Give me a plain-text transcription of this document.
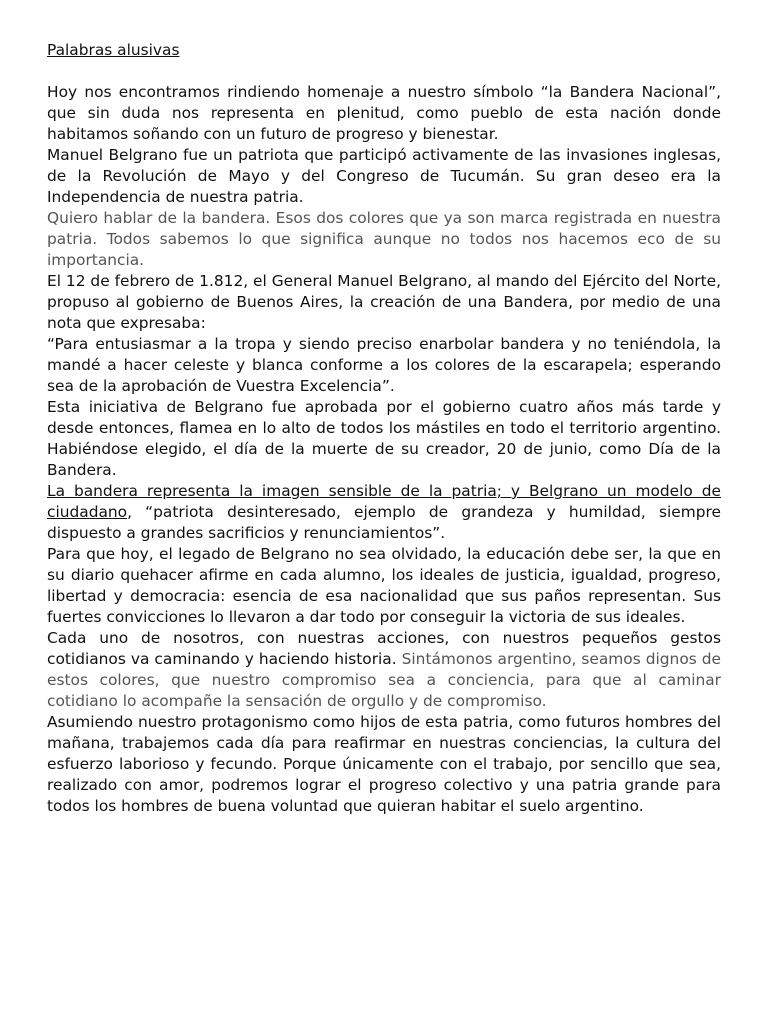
Palabras alusivas

Hoy nos encontramos rindiendo homenaje a nuestro símbolo “la Bandera Nacional”, que sin duda nos representa en plenitud, como pueblo de esta nación donde habitamos soñando con un futuro de progreso y bienestar.

Manuel Belgrano fue un patriota que participó activamente de las invasiones inglesas, de la Revolución de Mayo y del Congreso de Tucumán. Su gran deseo era la Independencia de nuestra patria.

Quiero hablar de la bandera. Esos dos colores que ya son marca registrada en nuestra patria. Todos sabemos lo que significa aunque no todos nos hacemos eco de su importancia.

El 12 de febrero de 1.812, el General Manuel Belgrano, al mando del Ejército del Norte, propuso al gobierno de Buenos Aires, la creación de una Bandera, por medio de una nota que expresaba:

“Para entusiasmar a la tropa y siendo preciso enarbolar bandera y no teniéndola, la mandé a hacer celeste y blanca conforme a los colores de la escarapela; esperando sea de la aprobación de Vuestra Excelencia”.

Esta iniciativa de Belgrano fue aprobada por el gobierno cuatro años más tarde y desde entonces, flamea en lo alto de todos los mástiles en todo el territorio argentino. Habiéndose elegido, el día de la muerte de su creador, 20 de junio, como Día de la Bandera.

La bandera representa la imagen sensible de la patria; y Belgrano un modelo de ciudadano, “patriota desinteresado, ejemplo de grandeza y humildad, siempre dispuesto a grandes sacrificios y renunciamientos”.

Para que hoy, el legado de Belgrano no sea olvidado, la educación debe ser, la que en su diario quehacer afirme en cada alumno, los ideales de justicia, igualdad, progreso, libertad y democracia: esencia de esa nacionalidad que sus paños representan. Sus fuertes convicciones lo llevaron a dar todo por conseguir la victoria de sus ideales.

Cada uno de nosotros, con nuestras acciones, con nuestros pequeños gestos cotidianos va caminando y haciendo historia. Sintámonos argentino, seamos dignos de estos colores, que nuestro compromiso sea a conciencia, para que al caminar cotidiano lo acompañe la sensación de orgullo y de compromiso.

Asumiendo nuestro protagonismo como hijos de esta patria, como futuros hombres del mañana, trabajemos cada día para reafirmar en nuestras conciencias, la cultura del esfuerzo laborioso y fecundo. Porque únicamente con el trabajo, por sencillo que sea, realizado con amor, podremos lograr el progreso colectivo y una patria grande para todos los hombres de buena voluntad que quieran habitar el suelo argentino.
